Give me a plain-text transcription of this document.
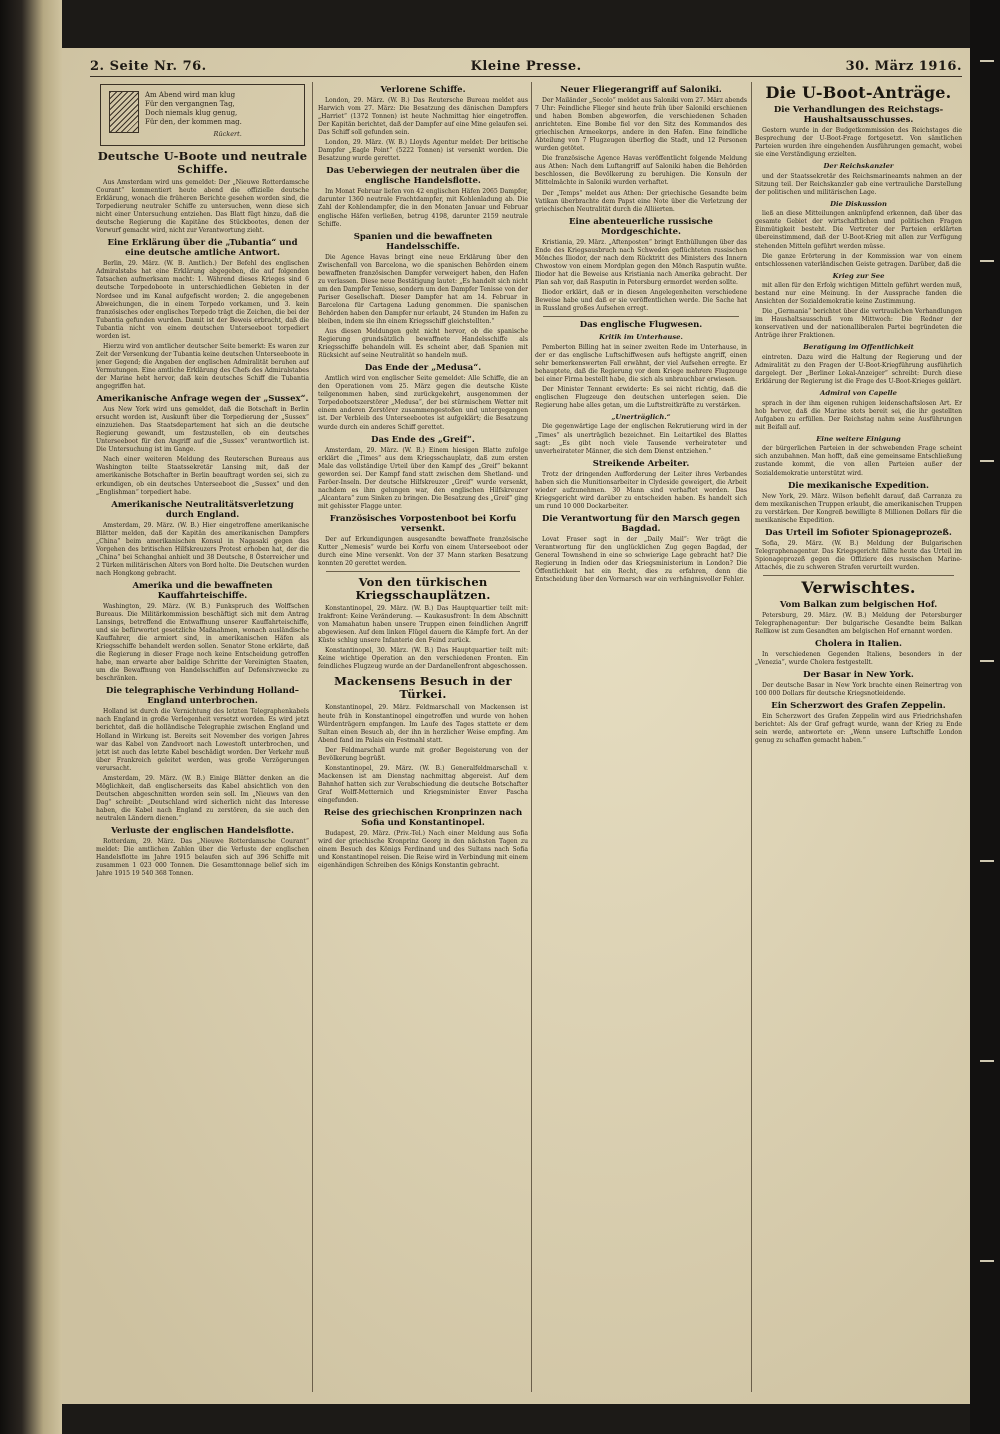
2. Seite Nr. 76.	Kleine Presse.	30. März 1916.
Am Abend wird man klug
Für den vergangnen Tag,
Doch niemals klug genug,
Für den, der kommen mag.
Rückert.
Deutsche U-Boote und neutrale Schiffe.

Aus Amsterdam wird uns gemeldet: Der „Nieuwe Rotterdamsche Courant“ kommentiert heute abend die offizielle deutsche Erklärung, wonach die früheren Berichte gesehen worden sind, die Torpedierung neutraler Schiffe zu untersuchen, wenn diese sich nicht einer Untersuchung entziehen. Das Blatt fügt hinzu, daß die deutsche Regierung die Kapitäne des Stückbootes, denen der Vorwurf gemacht wird, nicht zur Verantwortung zieht.

Eine Erklärung über die „Tubantia“ und eine deutsche amtliche Antwort.

Berlin, 29. März. (W. B. Amtlich.) Der Befehl des englischen Admiralstabs hat eine Erklärung abgegeben, die auf folgenden Tatsachen aufmerksam macht: 1. Während dieses Krieges sind 6 deutsche Torpedoboote in unterschiedlichen Gebieten in der Nordsee und im Kanal aufgefischt worden; 2. die angegebenen Abweichungen, die in einem Torpedo vorkamen, und 3. kein französisches oder englisches Torpedo trägt die Zeichen, die bei der Tubantia gefunden wurden. Damit ist der Beweis erbracht, daß die Tubantia nicht von einem deutschen Unterseeboot torpediert worden ist.

Hierzu wird von amtlicher deutscher Seite bemerkt: Es waren zur Zeit der Versenkung der Tubantia keine deutschen Unterseeboote in jener Gegend; die Angaben der englischen Admiralität beruhen auf Vermutungen. Eine amtliche Erklärung des Chefs des Admiralstabes der Marine hebt hervor, daß kein deutsches Schiff die Tubantia angegriffen hat.

Amerikanische Anfrage wegen der „Sussex“.

Aus New York wird uns gemeldet, daß die Botschaft in Berlin ersucht worden ist, Auskunft über die Torpedierung der „Sussex“ einzuziehen. Das Staatsdepartement hat sich an die deutsche Regierung gewandt, um festzustellen, ob ein deutsches Unterseeboot für den Angriff auf die „Sussex“ verantwortlich ist. Die Untersuchung ist im Gange.

Nach einer weiteren Meldung des Reuterschen Bureaus aus Washington teilte Staatssekretär Lansing mit, daß der amerikanische Botschafter in Berlin beauftragt worden sei, sich zu erkundigen, ob ein deutsches Unterseeboot die „Sussex“ und den „Englishman“ torpediert habe.

Amerikanische Neutralitätsverletzung durch England.

Amsterdam, 29. März. (W. B.) Hier eingetroffene amerikanische Blätter melden, daß der Kapitän des amerikanischen Dampfers „China“ beim amerikanischen Konsul in Nagasaki gegen das Vorgehen des britischen Hilfskreuzers Protest erhoben hat, der die „China“ bei Schanghai anhielt und 38 Deutsche, 8 Österreicher und 2 Türken militärischen Alters von Bord holte. Die Deutschen wurden nach Hongkong gebracht.

Amerika und die bewaffneten Kauffahrteischiffe.

Washington, 29. März. (W. B.) Funkspruch des Wolffschen Bureaus. Die Militärkommission beschäftigt sich mit dem Antrag Lansings, betreffend die Entwaffnung unserer Kauffahrteischiffe, und sie befürwortet gesetzliche Maßnahmen, wonach ausländische Kauffahrer, die armiert sind, in amerikanischen Häfen als Kriegsschiffe behandelt werden sollen. Senator Stone erklärte, daß die Regierung in dieser Frage noch keine Entscheidung getroffen habe, man erwarte aber baldige Schritte der Vereinigten Staaten, um die Bewaffnung von Handelsschiffen auf Defensivzwecke zu beschränken.

Die telegraphische Verbindung Holland–England unterbrochen.

Holland ist durch die Vernichtung des letzten Telegraphenkabels nach England in große Verlegenheit versetzt worden. Es wird jetzt berichtet, daß die holländische Telegraphie zwischen England und Holland in Wirkung ist. Bereits seit November des vorigen Jahres war das Kabel von Zandvoort nach Lowestoft unterbrochen, und jetzt ist auch das letzte Kabel beschädigt worden. Der Verkehr muß über Frankreich geleitet werden, was große Verzögerungen verursacht.

Amsterdam, 29. März. (W. B.) Einige Blätter denken an die Möglichkeit, daß englischerseits das Kabel absichtlich von den Deutschen abgeschnitten worden sein soll. Im „Nieuws van den Dag“ schreibt: „Deutschland wird sicherlich nicht das Interesse haben, die Kabel nach England zu zerstören, da sie auch den neutralen Ländern dienen.“

Verluste der englischen Handelsflotte.

Rotterdam, 29. März. Das „Nieuwe Rotterdamsche Courant“ meldet: Die amtlichen Zahlen über die Verluste der englischen Handelsflotte im Jahre 1915 belaufen sich auf 396 Schiffe mit zusammen 1 023 000 Tonnen. Die Gesamttonnage belief sich im Jahre 1915 19 540 368 Tonnen.

Verlorene Schiffe.

London, 29. März. (W. B.) Das Reutersche Bureau meldet aus Harwich vom 27. März: Die Besatzung des dänischen Dampfers „Harriet“ (1372 Tonnen) ist heute Nachmittag hier eingetroffen. Der Kapitän berichtet, daß der Dampfer auf eine Mine gelaufen sei. Das Schiff soll gefunden sein.

London, 29. März. (W. B.) Lloyds Agentur meldet: Der britische Dampfer „Eagle Point“ (5222 Tonnen) ist versenkt worden. Die Besatzung wurde gerettet.

Das Ueberwiegen der neutralen über die englische Handelsflotte.

Im Monat Februar liefen von 42 englischen Häfen 2065 Dampfer, darunter 1360 neutrale Frachtdampfer, mit Kohlenladung ab. Die Zahl der Kohlendampfer, die in den Monaten Januar und Februar englische Häfen verließen, betrug 4198, darunter 2159 neutrale Schiffe.

Spanien und die bewaffneten Handelsschiffe.

Die Agence Havas bringt eine neue Erklärung über den Zwischenfall von Barcelona, wo die spanischen Behörden einem bewaffneten französischen Dampfer verweigert haben, den Hafen zu verlassen. Diese neue Bestätigung lautet: „Es handelt sich nicht um den Dampfer Tenisso, sondern um den Dampfer Tenisse von der Pariser Gesellschaft. Dieser Dampfer hat am 14. Februar in Barcelona für Cartagena Ladung genommen. Die spanischen Behörden haben den Dampfer nur erlaubt, 24 Stunden im Hafen zu bleiben, indem sie ihn einem Kriegsschiff gleichstellten.“

Aus diesen Meldungen geht nicht hervor, ob die spanische Regierung grundsätzlich bewaffnete Handelsschiffe als Kriegsschiffe behandeln will. Es scheint aber, daß Spanien mit Rücksicht auf seine Neutralität so handeln muß.

Das Ende der „Medusa“.

Amtlich wird von englischer Seite gemeldet: Alle Schiffe, die an den Operationen vom 25. März gegen die deutsche Küste teilgenommen haben, sind zurückgekehrt, ausgenommen der Torpedobootszerstörer „Medusa“, der bei stürmischem Wetter mit einem anderen Zerstörer zusammengestoßen und untergegangen ist. Der Verbleib des Unterseebootes ist aufgeklärt; die Besatzung wurde durch ein anderes Schiff gerettet.

Das Ende des „Greif“.

Amsterdam, 29. März. (W. B.) Einem hiesigen Blatte zufolge erklärt die „Times“ aus dem Kriegsschauplatz, daß zum ersten Male das vollständige Urteil über den Kampf des „Greif“ bekannt geworden sei. Der Kampf fand statt zwischen dem Shetland- und Faröer-Inseln. Der deutsche Hilfskreuzer „Greif“ wurde versenkt, nachdem es ihm gelungen war, den englischen Hilfskreuzer „Alcantara“ zum Sinken zu bringen. Die Besatzung des „Greif“ ging mit gehisster Flagge unter.

Französisches Vorpostenboot bei Korfu versenkt.

Der auf Erkundigungen ausgesandte bewaffnete französische Kutter „Nemesis“ wurde bei Korfu von einem Unterseeboot oder durch eine Mine versenkt. Von der 37 Mann starken Besatzung konnten 20 gerettet werden.

Von den türkischen Kriegsschauplätzen.

Konstantinopel, 29. März. (W. B.) Das Hauptquartier teilt mit: Irakfront: Keine Veränderung. — Kaukasusfront: In dem Abschnitt von Mamahatun haben unsere Truppen einen feindlichen Angriff abgewiesen. Auf dem linken Flügel dauern die Kämpfe fort. An der Küste schlug unsere Infanterie den Feind zurück.

Konstantinopel, 30. März. (W. B.) Das Hauptquartier teilt mit: Keine wichtige Operation an den verschiedenen Fronten. Ein feindliches Flugzeug wurde an der Dardanellenfront abgeschossen.

Mackensens Besuch in der Türkei.

Konstantinopel, 29. März. Feldmarschall von Mackensen ist heute früh in Konstantinopel eingetroffen und wurde von hohen Würdenträgern empfangen. Im Laufe des Tages stattete er dem Sultan einen Besuch ab, der ihn in herzlicher Weise empfing. Am Abend fand im Palais ein Festmahl statt.

Der Feldmarschall wurde mit großer Begeisterung von der Bevölkerung begrüßt.

Konstantinopel, 29. März. (W. B.) Generalfeldmarschall v. Mackensen ist am Dienstag nachmittag abgereist. Auf dem Bahnhof hatten sich zur Verabschiedung die deutsche Botschafter Graf Wolff-Metternich und Kriegsminister Enver Pascha eingefunden.

Reise des griechischen Kronprinzen nach Sofia und Konstantinopel.

Budapest, 29. März. (Priv.-Tel.) Nach einer Meldung aus Sofia wird der griechische Kronprinz Georg in den nächsten Tagen zu einem Besuch des Königs Ferdinand und des Sultans nach Sofia und Konstantinopel reisen. Die Reise wird in Verbindung mit einem eigenhändigen Schreiben des Königs Konstantin gebracht.

Neuer Fliegerangriff auf Saloniki.

Der Mailänder „Secolo“ meldet aus Saloniki vom 27. März abends 7 Uhr: Feindliche Flieger sind heute früh über Saloniki erschienen und haben Bomben abgeworfen, die verschiedenen Schaden anrichteten. Eine Bombe fiel vor den Sitz des Kommandos des griechischen Armeekorps, andere in den Hafen. Eine feindliche Abteilung von 7 Flugzeugen überflog die Stadt, und 12 Personen wurden getötet.

Die französische Agence Havas veröffentlicht folgende Meldung aus Athen: Nach dem Luftangriff auf Saloniki haben die Behörden beschlossen, die Bevölkerung zu beruhigen. Die Konsuln der Mittelmächte in Saloniki wurden verhaftet.

Der „Temps“ meldet aus Athen: Der griechische Gesandte beim Vatikan überbrachte dem Papst eine Note über die Verletzung der griechischen Neutralität durch die Alliierten.

Eine abenteuerliche russische Mordgeschichte.

Kristiania, 29. März. „Aftenposten“ bringt Enthüllungen über das Ende des Kriegsausbruch nach Schweden geflüchteten russischen Mönches Iliodor, der nach dem Rücktritt des Ministers des Innern Chwostow von einem Mordplan gegen den Mönch Rasputin wußte. Iliodor hat die Beweise aus Kristiania nach Amerika gebracht. Der Plan sah vor, daß Rasputin in Petersburg ermordet werden sollte.

Iliodor erklärt, daß er in diesen Angelegenheiten verschiedene Beweise habe und daß er sie veröffentlichen werde. Die Sache hat in Russland großes Aufsehen erregt.

Das englische Flugwesen.
Kritik im Unterhause.

Pemberton Billing hat in seiner zweiten Rede im Unterhause, in der er das englische Luftschiffwesen aufs heftigste angriff, einen sehr bemerkenswerten Fall erwähnt, der viel Aufsehen erregte. Er behauptete, daß die Regierung vor dem Kriege mehrere Flugzeuge bei einer Firma bestellt habe, die sich als unbrauchbar erwiesen.

Der Minister Tennant erwiderte: Es sei nicht richtig, daß die englischen Flugzeuge den deutschen unterlegen seien. Die Regierung habe alles getan, um die Luftstreitkräfte zu verstärken.

„Unerträglich.“

Die gegenwärtige Lage der englischen Rekrutierung wird in der „Times“ als unerträglich bezeichnet. Ein Leitartikel des Blattes sagt: „Es gibt noch viele Tausende verheirateter und unverheirateter Männer, die sich dem Dienst entziehen.“

Streikende Arbeiter.

Trotz der dringenden Aufforderung der Leiter ihres Verbandes haben sich die Munitionsarbeiter in Clydeside geweigert, die Arbeit wieder aufzunehmen. 30 Mann sind verhaftet worden. Das Kriegsgericht wird darüber zu entscheiden haben. Es handelt sich um rund 10 000 Dockarbeiter.

Die Verantwortung für den Marsch gegen Bagdad.

Lovat Fraser sagt in der „Daily Mail“: Wer trägt die Verantwortung für den unglücklichen Zug gegen Bagdad, der General Townshend in eine so schwierige Lage gebracht hat? Die Regierung in Indien oder das Kriegsministerium in London? Die Öffentlichkeit hat ein Recht, dies zu erfahren, denn die Entscheidung über den Vormarsch war ein verhängnisvoller Fehler.

Die U-Boot-Anträge.
Die Verhandlungen des Reichstags-Haushaltsausschusses.

Gestern wurde in der Budgetkommission des Reichstages die Besprechung der U-Boot-Frage fortgesetzt. Von sämtlichen Parteien wurden ihre eingehenden Ausführungen gemacht, wobei sie eine Verständigung erzielten.

Der Reichskanzler

und der Staatssekretär des Reichsmarineamts nahmen an der Sitzung teil. Der Reichskanzler gab eine vertrauliche Darstellung der politischen und militärischen Lage.

Die Diskussion

ließ an diese Mitteilungen anknüpfend erkennen, daß über das gesamte Gebiet der wirtschaftlichen und politischen Fragen Einmütigkeit besteht. Die Vertreter der Parteien erklärten übereinstimmend, daß der U-Boot-Krieg mit allen zur Verfügung stehenden Mitteln geführt werden müsse.

Die ganze Erörterung in der Kommission war von einem entschlossenen vaterländischen Geiste getragen. Darüber, daß die

Krieg zur See

mit allen für den Erfolg wichtigen Mitteln geführt werden muß, bestand nur eine Meinung. In der Aussprache fanden die Ansichten der Sozialdemokratie keine Zustimmung.

Die „Germania“ berichtet über die vertraulichen Verhandlungen im Haushaltsausschuß vom Mittwoch: Die Redner der konservativen und der nationalliberalen Partei begründeten die Anträge ihrer Fraktionen.

Beratigung im Offentlichkeit

eintreten. Dazu wird die Haltung der Regierung und der Admiralität zu den Fragen der U-Boot-Kriegführung ausführlich dargelegt. Der „Berliner Lokal-Anzeiger“ schreibt: Durch diese Erklärung der Regierung ist die Frage des U-Boot-Krieges geklärt.

Admiral von Capelle

sprach in der ihm eigenen ruhigen leidenschaftslosen Art. Er hob hervor, daß die Marine stets bereit sei, die ihr gestellten Aufgaben zu erfüllen. Der Reichstag nahm seine Ausführungen mit Beifall auf.

Eine weitere Einigung

der bürgerlichen Parteien in der schwebenden Frage scheint sich anzubahnen. Man hofft, daß eine gemeinsame Entschließung zustande kommt, die von allen Parteien außer der Sozialdemokratie unterstützt wird.

Die mexikanische Expedition.

New York, 29. März. Wilson befiehlt darauf, daß Carranza zu dem mexikanischen Truppen erlaubt, die amerikanischen Truppen zu verstärken. Der Kongreß bewilligte 8 Millionen Dollars für die mexikanische Expedition.

Das Urteil im Sofioter Spionageprozeß.

Sofia, 29. März. (W. B.) Meldung der Bulgarischen Telegraphenagentur. Das Kriegsgericht fällte heute das Urteil im Spionageprozeß gegen die Offiziere des russischen Marine-Attachés, die zu schweren Strafen verurteilt wurden.

Verwischtes.
Vom Balkan zum belgischen Hof.

Petersburg, 29. März. (W. B.) Meldung der Petersburger Telegraphenagentur: Der bulgarische Gesandte beim Balkan Rellkow ist zum Gesandten am belgischen Hof ernannt worden.

Cholera in Italien.

In verschiedenen Gegenden Italiens, besonders in der „Venezia“, wurde Cholera festgestellt.

Der Basar in New York.

Der deutsche Basar in New York brachte einen Reinertrag von 100 000 Dollars für deutsche Kriegsnotleidende.

Ein Scherzwort des Grafen Zeppelin.

Ein Scherzwort des Grafen Zeppelin wird aus Friedrichshafen berichtet: Als der Graf gefragt wurde, wann der Krieg zu Ende sein werde, antwortete er: „Wenn unsere Luftschiffe London genug zu schaffen gemacht haben.“
